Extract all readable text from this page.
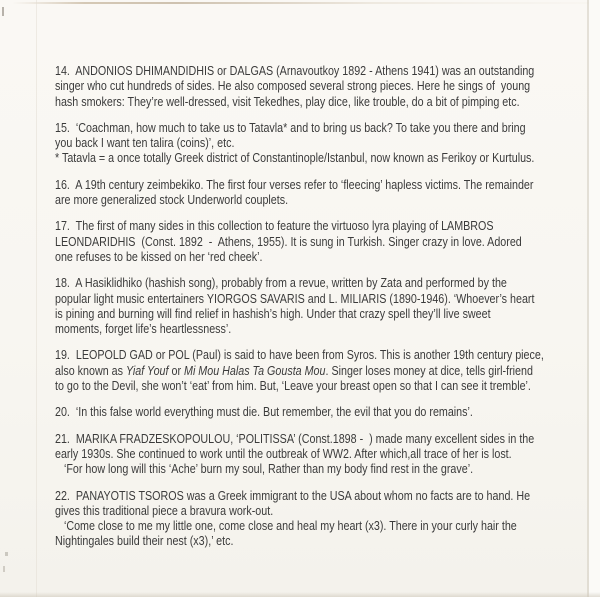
14.  ANDONIOS DHIMANDIDHIS or DALGAS (Arnavoutkoy 1892 - Athens 1941) was an outstanding
singer who cut hundreds of sides. He also composed several strong pieces. Here he sings of  young
hash smokers: They’re well-dressed, visit Tekedhes, play dice, like trouble, do a bit of pimping etc.
15.  ‘Coachman, how much to take us to Tatavla* and to bring us back? To take you there and bring
you back I want ten talira (coins)’, etc.
* Tatavla = a once totally Greek district of Constantinople/Istanbul, now known as Ferikoy or Kurtulus.
16.  A 19th century zeimbekiko. The first four verses refer to ‘fleecing’ hapless victims. The remainder
are more generalized stock Underworld couplets.
17.  The first of many sides in this collection to feature the virtuoso lyra playing of LAMBROS
LEONDARIDHIS  (Const. 1892  -  Athens, 1955). It is sung in Turkish. Singer crazy in love. Adored
one refuses to be kissed on her ‘red cheek’.
18.  A Hasiklidhiko (hashish song), probably from a revue, written by Zata and performed by the
popular light music entertainers YIORGOS SAVARIS and L. MILIARIS (1890-1946). ‘Whoever’s heart
is pining and burning will find relief in hashish’s high. Under that crazy spell they’ll live sweet
moments, forget life’s heartlessness’.
19.  LEOPOLD GAD or POL (Paul) is said to have been from Syros. This is another 19th century piece,
also known as Yiaf Youf or Mi Mou Halas Ta Gousta Mou. Singer loses money at dice, tells girl-friend
to go to the Devil, she won’t ‘eat’ from him. But, ‘Leave your breast open so that I can see it tremble’.
20.  ‘In this false world everything must die. But remember, the evil that you do remains’.
21.  MARIKA FRADZESKOPOULOU, ‘POLITISSA’ (Const.1898 -  ) made many excellent sides in the
early 1930s. She continued to work until the outbreak of WW2. After which,all trace of her is lost.
‘For how long will this ‘Ache’ burn my soul, Rather than my body find rest in the grave’.
22.  PANAYOTIS TSOROS was a Greek immigrant to the USA about whom no facts are to hand. He
gives this traditional piece a bravura work-out.
‘Come close to me my little one, come close and heal my heart (x3). There in your curly hair the
Nightingales build their nest (x3),’ etc.
